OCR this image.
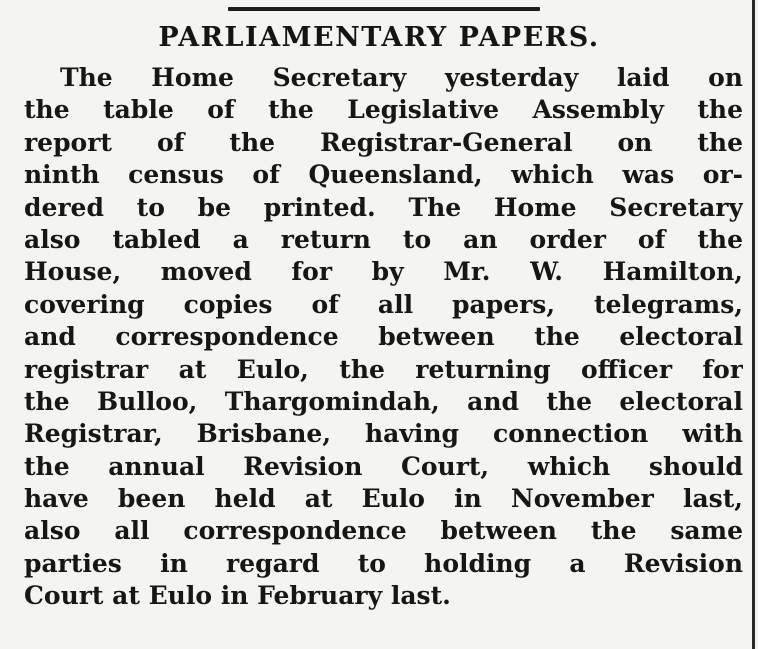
PARLIAMENTARY PAPERS.
The Home Secretary yesterday laid on
the table of the Legislative Assembly the
report of the Registrar-General on the
ninth census of Queensland, which was or-
dered to be printed. The Home Secretary
also tabled a return to an order of the
House, moved for by Mr. W. Hamilton,
covering copies of all papers, telegrams,
and correspondence between the electoral
registrar at Eulo, the returning officer for
the Bulloo, Thargomindah, and the electoral
Registrar, Brisbane, having connection with
the annual Revision Court, which should
have been held at Eulo in November last,
also all correspondence between the same
parties in regard to holding a Revision
Court at Eulo in February last.
